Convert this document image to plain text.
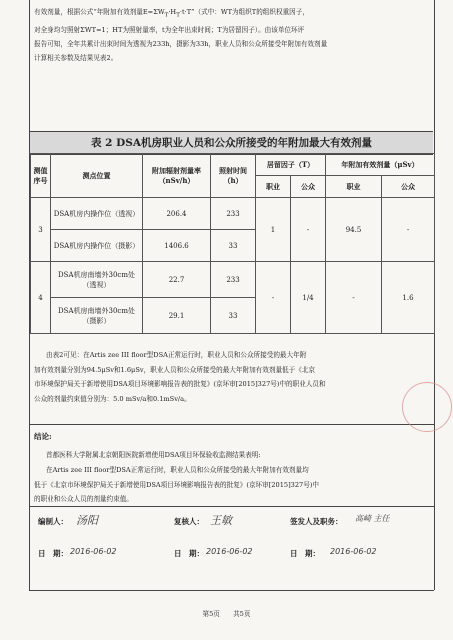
有效剂量，根据公式“年附加有效剂量$E=\Sigma W_T\cdot H_T\cdot t\cdot T$”（式中：WT为组织T的组织权重因子，

对全身均匀照射ΣWT=1；HT为照射量率，t为全年出束时间；T为居留因子）。由该单位环评

报告可知，全年共累计出束时间为透视为233h，摄影为33h，职业人员和公众所接受年附加有效剂量

计算相关参数及结果见表2。

表 2 DSA机房职业人员和公众所接受的年附加最大有效剂量
测值序号	测点位置	附加辐射剂量率（nSv/h）	照射时间（h）	居留因子（T）		年附加有效剂量（μSv）	
				职业	公众	职业	公众
3	DSA机房内操作位（透视）	206.4	233	1	-	94.5	-
	DSA机房内操作位（摄影）	1406.6	33				
4	DSA机房南墙外30cm处（透视）	22.7	233	-	1/4	-	1.6
	DSA机房南墙外30cm处（摄影）	29.1	33				

由表2可见：在Artis zee III floor型DSA正常运行时，职业人员和公众所接受的最大年附

加有效剂量分别为94.5μSv和1.6μSv，职业人员和公众所接受的最大年附加有效剂量低于《北京

市环境保护局关于新增使用DSA项目环境影响报告表的批复》(京环审[2015]327号)中的职业人员和

公众的剂量约束值分别为：5.0 mSv/a和0.1mSv/a。

结论:

首都医科大学附属北京朝阳医院新增使用DSA项目环保验收监测结果表明:

在Artis zee III floor型DSA正常运行时，职业人员和公众所接受的最大年附加有效剂量均

低于《北京市环境保护局关于新增使用DSA项目环境影响报告表的批复》(京环审[2015]327号)中

的职业和公众人员的剂量约束值。

编制人： 汤阳	复核人： 王敏	签发人及职务： 高崎 主任
日　期： 2016-06-02	日　期： 2016-06-02	日　期： 2016-06-02
第5页　　共5页
